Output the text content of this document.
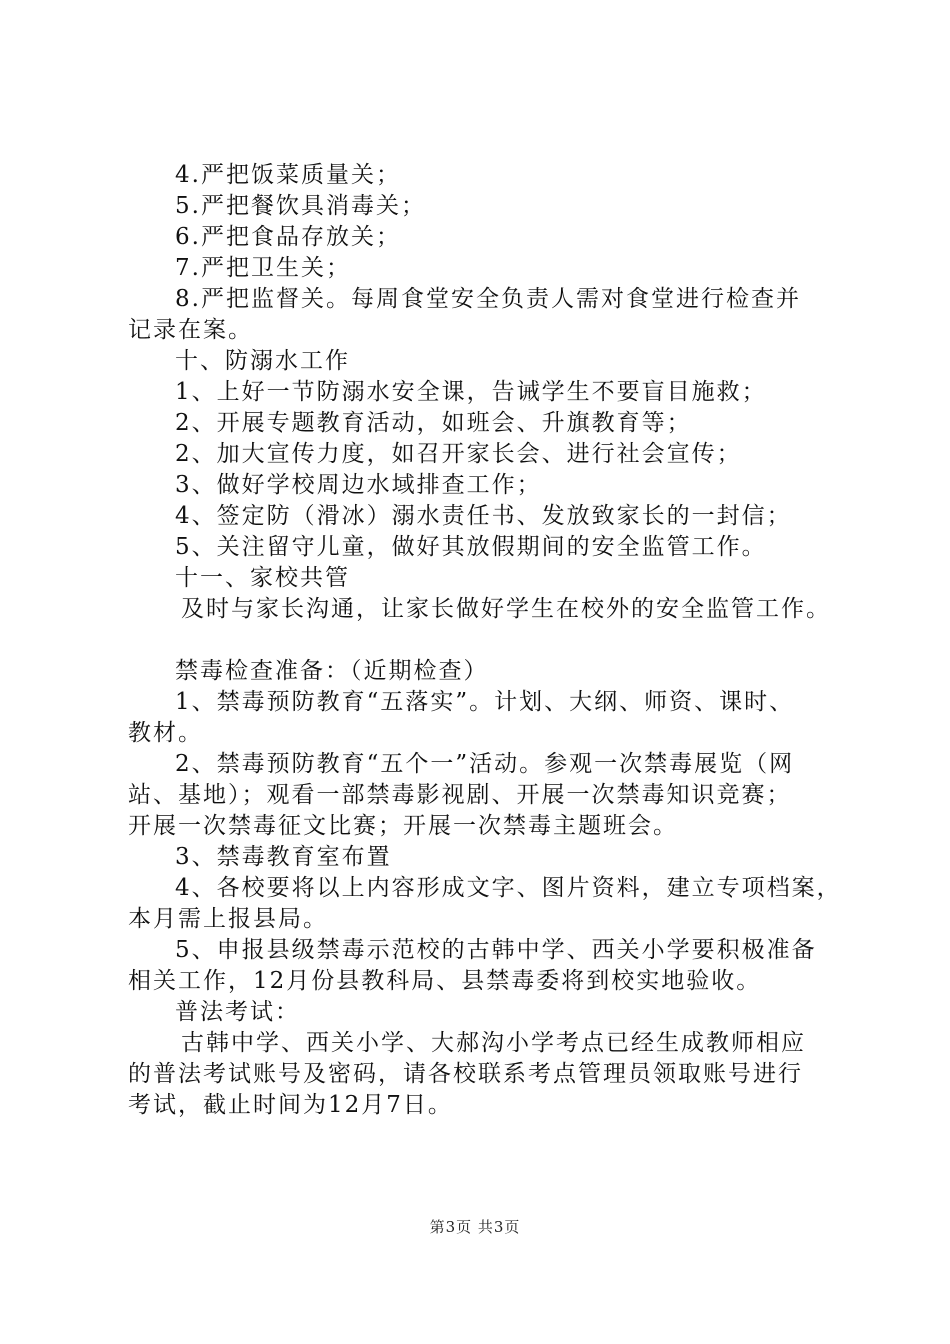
4.严把饭菜质量关；

5.严把餐饮具消毒关；

6.严把食品存放关；

7.严把卫生关；

8.严把监督关。每周食堂安全负责人需对食堂进行检查并

记录在案。

十、防溺水工作

1、上好一节防溺水安全课，告诫学生不要盲目施救；

2、开展专题教育活动，如班会、升旗教育等；

2、加大宣传力度，如召开家长会、进行社会宣传；

3、做好学校周边水域排查工作；

4、签定防（滑冰）溺水责任书、发放致家长的一封信；

5、关注留守儿童，做好其放假期间的安全监管工作。

十一、家校共管

及时与家长沟通，让家长做好学生在校外的安全监管工作。

禁毒检查准备：（近期检查）

1、禁毒预防教育“五落实”。计划、大纲、师资、课时、

教材。

2、禁毒预防教育“五个一”活动。参观一次禁毒展览（网

站、基地）；观看一部禁毒影视剧、开展一次禁毒知识竞赛；

开展一次禁毒征文比赛；开展一次禁毒主题班会。

3、禁毒教育室布置

4、各校要将以上内容形成文字、图片资料，建立专项档案，

本月需上报县局。

5、申报县级禁毒示范校的古韩中学、西关小学要积极准备

相关工作，12月份县教科局、县禁毒委将到校实地验收。

普法考试：

古韩中学、西关小学、大郝沟小学考点已经生成教师相应

的普法考试账号及密码，请各校联系考点管理员领取账号进行

考试，截止时间为12月7日。

第3页 共3页
